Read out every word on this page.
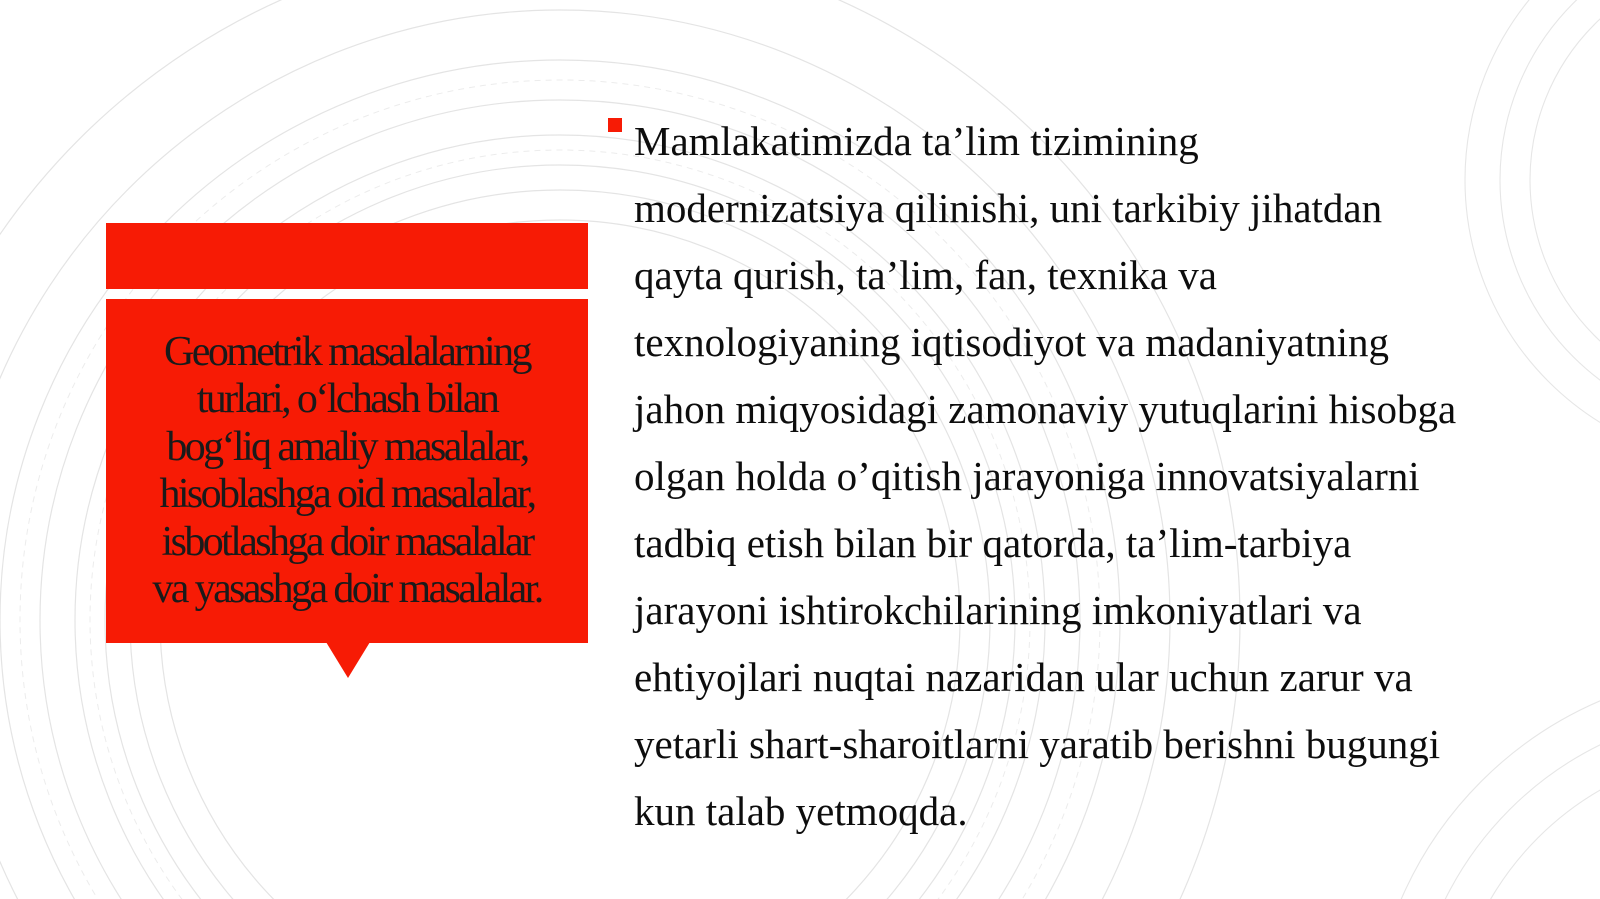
Geometrik masalalarning
turlari, o‘lchash bilan
bog‘liq amaliy masalalar,
hisoblashga oid masalalar,
isbotlashga doir masalalar
va yasashga doir masalalar.

Mamlakatimizda ta’lim tizimining
modernizatsiya qilinishi, uni tarkibiy jihatdan
qayta qurish, ta’lim, fan, texnika va
texnologiyaning iqtisodiyot va madaniyatning
jahon miqyosidagi zamonaviy yutuqlarini hisobga
olgan holda o’qitish jarayoniga innovatsiyalarni
tadbiq etish bilan bir qatorda, ta’lim-tarbiya
jarayoni ishtirokchilarining imkoniyatlari va
ehtiyojlari nuqtai nazaridan ular uchun zarur va
yetarli shart-sharoitlarni yaratib berishni bugungi
kun talab yetmoqda.
